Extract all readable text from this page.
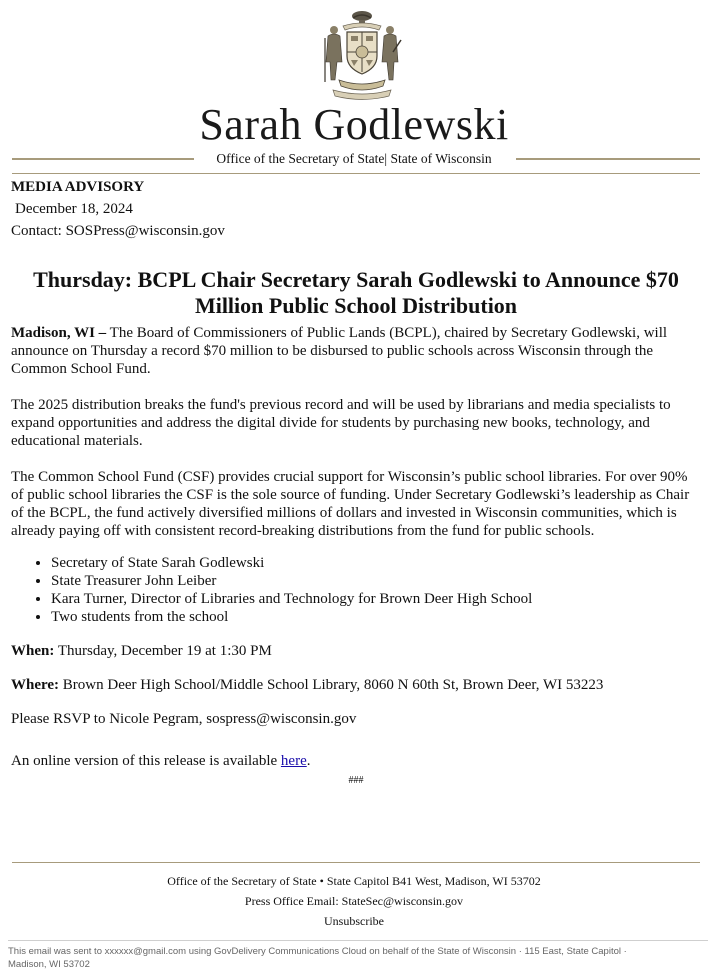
Sarah Godlewski
Office of the Secretary of State| State of Wisconsin
MEDIA ADVISORY
December 18, 2024
Contact: SOSPress@wisconsin.gov
Thursday: BCPL Chair Secretary Sarah Godlewski to Announce $70 Million Public School Distribution

Madison, WI – The Board of Commissioners of Public Lands (BCPL), chaired by Secretary Godlewski, will announce on Thursday a record $70 million to be disbursed to public schools across Wisconsin through the Common School Fund.

The 2025 distribution breaks the fund's previous record and will be used by librarians and media specialists to expand opportunities and address the digital divide for students by purchasing new books, technology, and educational materials.

The Common School Fund (CSF) provides crucial support for Wisconsin’s public school libraries. For over 90% of public school libraries the CSF is the sole source of funding. Under Secretary Godlewski’s leadership as Chair of the BCPL, the fund actively diversified millions of dollars and invested in Wisconsin communities, which is already paying off with consistent record-breaking distributions from the fund for public schools.

• Secretary of State Sarah Godlewski
• State Treasurer John Leiber
• Kara Turner, Director of Libraries and Technology for Brown Deer High School
• Two students from the school

When: Thursday, December 19 at 1:30 PM

Where: Brown Deer High School/Middle School Library, 8060 N 60th St, Brown Deer, WI 53223

Please RSVP to Nicole Pegram, sospress@wisconsin.gov

An online version of this release is available here.

###
Office of the Secretary of State • State Capitol B41 West, Madison, WI 53702
Press Office Email: StateSec@wisconsin.gov
Unsubscribe
This email was sent to xxxxxx@gmail.com using GovDelivery Communications Cloud on behalf of the State of Wisconsin · 115 East, State Capitol · Madison, WI 53702
